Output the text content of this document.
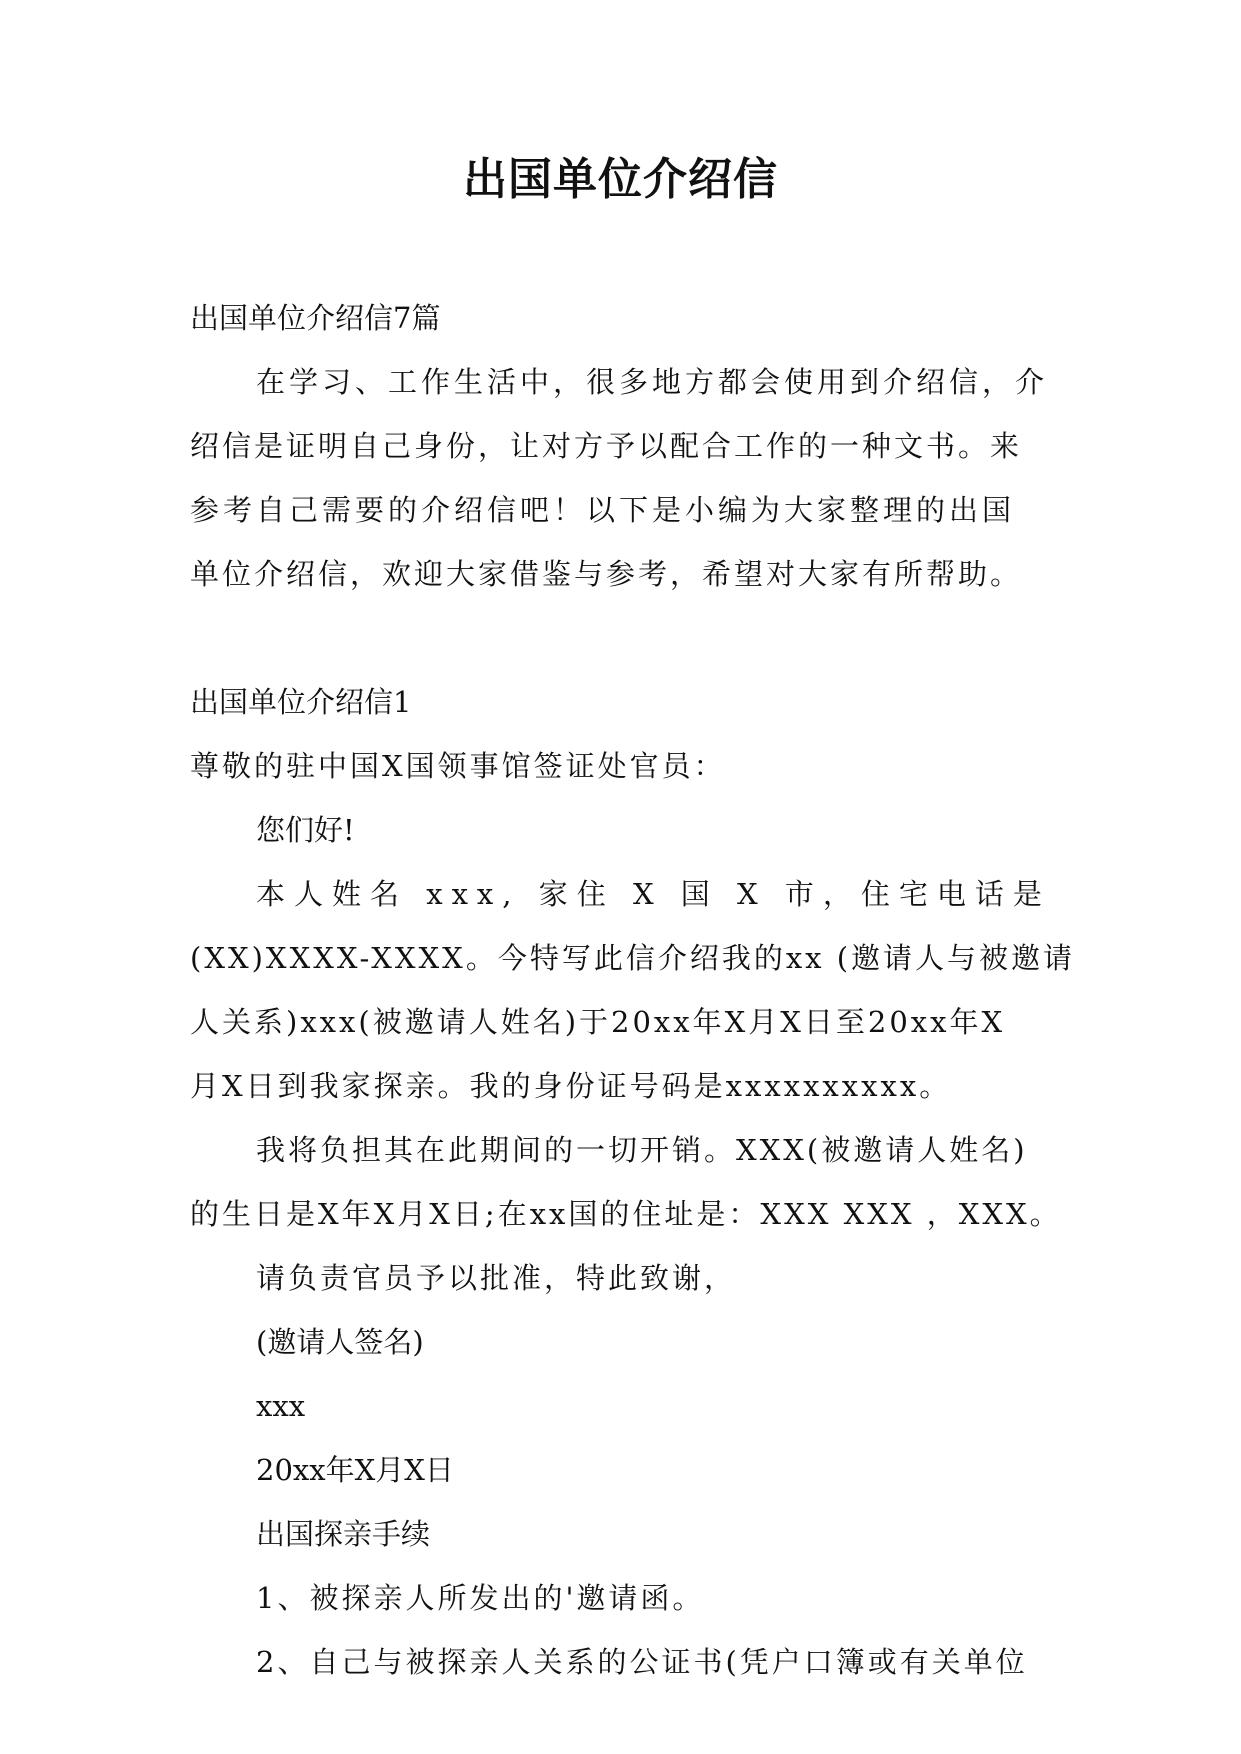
出国单位介绍信
出国单位介绍信7篇
在学习、工作生活中，很多地方都会使用到介绍信，介
绍信是证明自己身份，让对方予以配合工作的一种文书。来
参考自己需要的介绍信吧！以下是小编为大家整理的出国
单位介绍信，欢迎大家借鉴与参考，希望对大家有所帮助。
出国单位介绍信1
尊敬的驻中国X国领事馆签证处官员：
您们好!
本人姓名 xxx, 家住 X 国 X 市，住宅电话是
(XX)XXXX-XXXX。今特写此信介绍我的xx (邀请人与被邀请
人关系)xxx(被邀请人姓名)于20xx年X月X日至20xx年X
月X日到我家探亲。我的身份证号码是xxxxxxxxxx。
我将负担其在此期间的一切开销。XXX(被邀请人姓名)
的生日是X年X月X日;在xx国的住址是：XXX XXX ，XXX。
请负责官员予以批准，特此致谢，
(邀请人签名)
xxx
20xx年X月X日
出国探亲手续
1、被探亲人所发出的'邀请函。
2、自己与被探亲人关系的公证书(凭户口簿或有关单位
